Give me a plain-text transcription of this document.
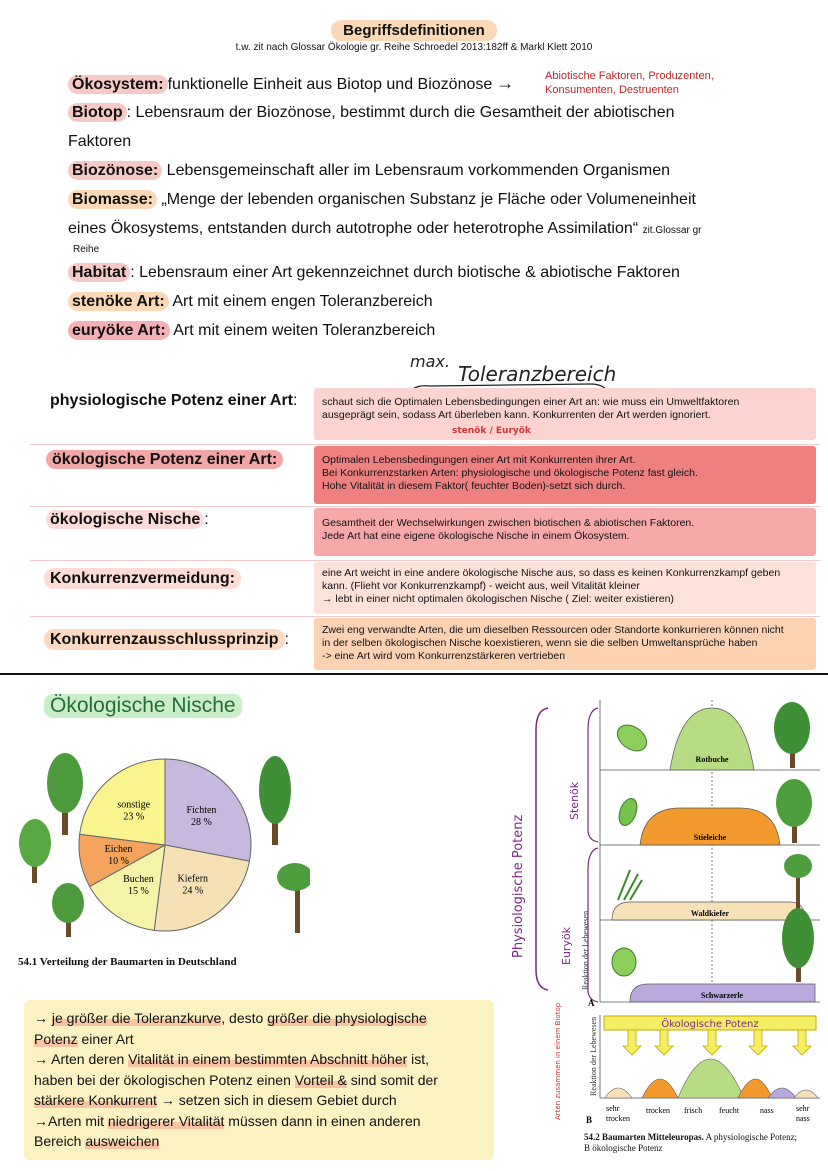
Begriffsdefinitionen
t.w. zit nach Glossar Ökologie gr. Reihe Schroedel 2013:182ff & Markl Klett 2010
Ökosystem: funktionelle Einheit aus Biotop und Biozönose →	Abiotische Faktoren, Produzenten,
Konsumenten, Destruenten
Biotop : Lebensraum der Biozönose, bestimmt durch die Gesamtheit der abiotischen
Faktoren
Biozönose: Lebensgemeinschaft aller im Lebensraum vorkommenden Organismen
Biomasse: „Menge der lebenden organischen Substanz je Fläche oder Volumeneinheit
eines Ökosystems, entstanden durch autotrophe oder heterotrophe Assimilation“ zit.Glossar gr
Reihe
Habitat : Lebensraum einer Art gekennzeichnet durch biotische & abiotische Faktoren
stenöke Art: Art mit einem engen Toleranzbereich
euryöke Art: Art mit einem weiten Toleranzbereich
max.
Toleranzbereich
physiologische Potenz einer Art: schaut sich die Optimalen Lebensbedingungen einer Art an: wie muss ein Umweltfaktoren
ausgeprägt sein, sodass Art überleben kann. Konkurrenten der Art werden ignoriert.
stenök / Euryök
ökologische Potenz einer Art:	Optimalen Lebensbedingungen einer Art mit Konkurrenten ihrer Art.
Bei Konkurrenzstarken Arten: physiologische und ökologische Potenz fast gleich.
Hohe Vitalität in diesem Faktor( feuchter Boden)-setzt sich durch.
ökologische Nische :	Gesamtheit der Wechselwirkungen zwischen biotischen & abiotischen Faktoren.
Jede Art hat eine eigene ökologische Nische in einem Ökosystem.
Konkurrenzvermeidung:	eine Art weicht in eine andere ökologische Nische aus, so dass es keinen Konkurrenzkampf geben
kann. (Flieht vor Konkurrenzkampf) - weicht aus, weil Vitalität kleiner
→ lebt in einer nicht optimalen ökologischen Nische ( Ziel: weiter existieren)
Konkurrenzausschlussprinzip :
Zwei eng verwandte Arten, die um dieselben Ressourcen oder Standorte konkurrieren können nicht
in der selben ökologischen Nische koexistieren, wenn sie die selben Umweltansprüche haben
-> eine Art wird vom Konkurrenzstärkeren vertrieben
Ökologische Nische
Fichten
28 %
Kiefern
24 %
Buchen
15 %
Eichen
10 %
sonstige
23 %
54.1 Verteilung der Baumarten in Deutschland
→ je größer die Toleranzkurve, desto größer die physiologische
Potenz einer Art
→ Arten deren Vitalität in einem bestimmten Abschnitt höher ist,
haben bei der ökologischen Potenz einen Vorteil & sind somit der
stärkere Konkurrent → setzen sich in diesem Gebiet durch
→Arten mit niedrigerer Vitalität müssen dann in einen anderen
Bereich ausweichen
Physiologische Potenz
Stenök
Euryök Reaktion der Lebewesen
Rotbuche
Stieleiche
Waldkiefer
Schwarzerle
A
Ökologische Potenz
Arten zusammen in einem Biotop	Reaktion der Lebewesen
sehr
trocken
trocken frisch feucht	nass	sehr
nass
B
54.2 Baumarten Mitteleuropas. A physiologische Potenz;
B ökologische Potenz
